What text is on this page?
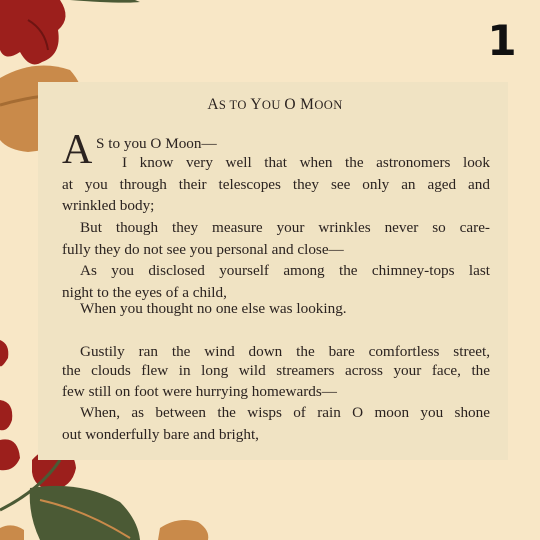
1
AS TO YOU O MOON
A S to you O Moon—
I know very well that when the astronomers look
at you through their telescopes they see only an aged and
wrinkled body;
But though they measure your wrinkles never so care-
fully they do not see you personal and close—
As you disclosed yourself among the chimney-tops last
night to the eyes of a child,
When you thought no one else was looking.
Gustily ran the wind down the bare comfortless street,
the clouds flew in long wild streamers across your face, the
few still on foot were hurrying homewards—
When, as between the wisps of rain O moon you shone
out wonderfully bare and bright,
